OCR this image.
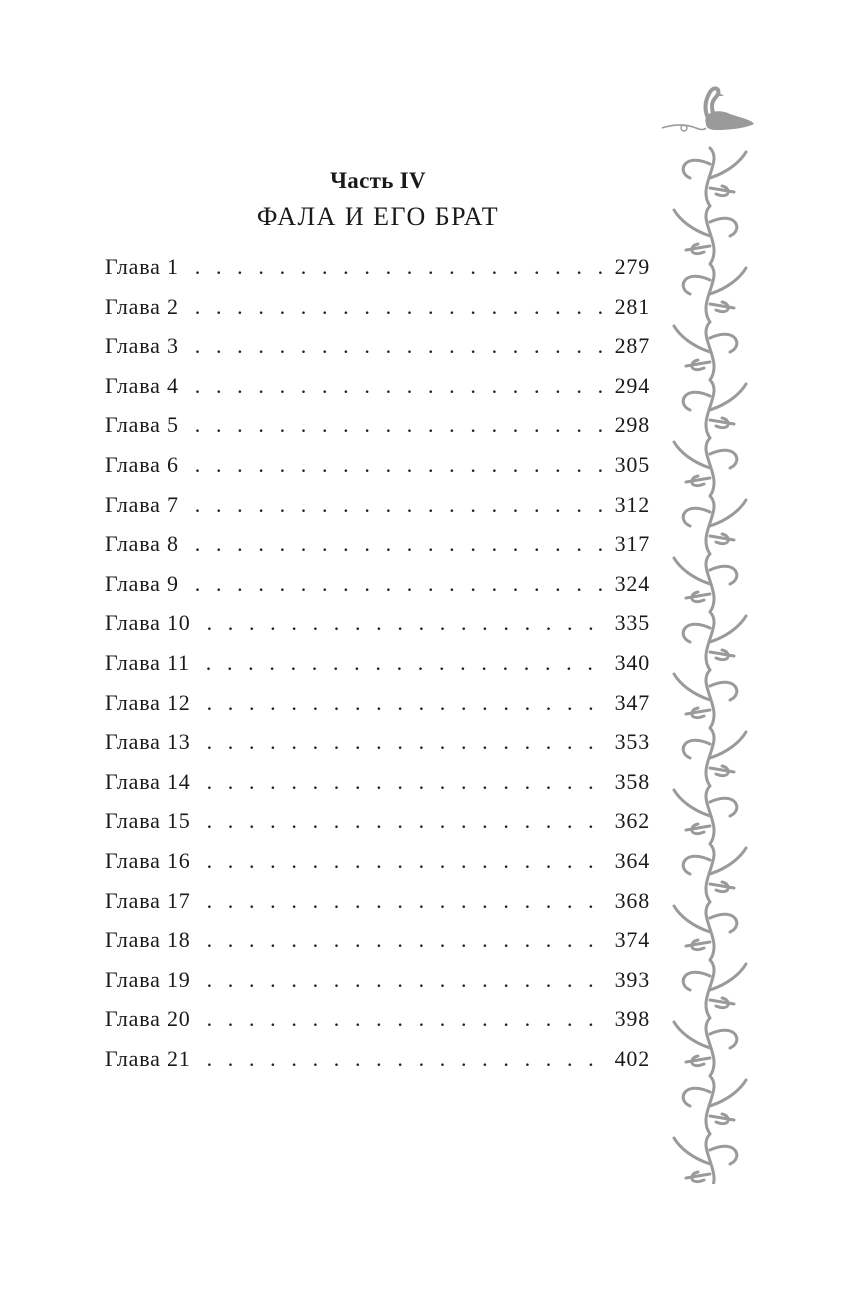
Часть IV
ФАЛА И ЕГО БРАТ
Глава 1 . . .	279
Глава 2 . . .	281
Глава 3 . . .	287
Глава 4 . . .	294
Глава 5 . . .	298
Глава 6 . . .	305
Глава 7 . . .	312
Глава 8 . . .	317
Глава 9 . . .	324
Глава 10 . . .	335
Глава 11 . . .	340
Глава 12 . . .	347
Глава 13 . . .	353
Глава 14 . . .	358
Глава 15 . . .	362
Глава 16 . . .	364
Глава 17 . . .	368
Глава 18 . . .	374
Глава 19 . . .	393
Глава 20 . . .	398
Глава 21 . . .	402
